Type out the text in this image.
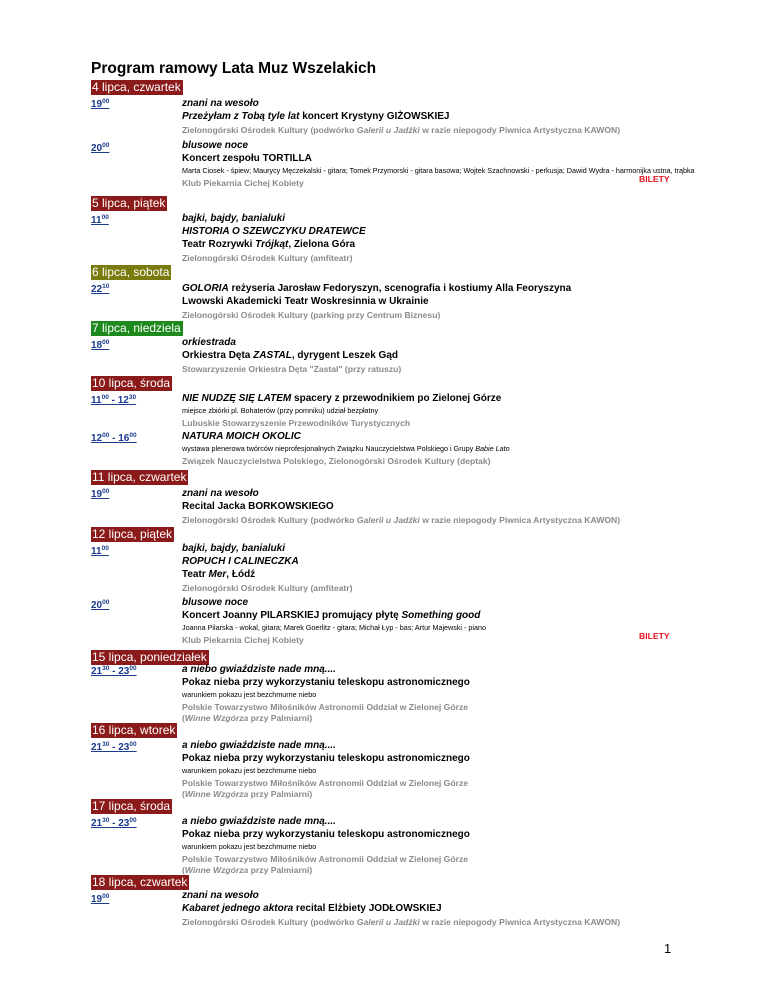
Program ramowy Lata Muz Wszelakich
4 lipca, czwartek
$19^{00}$	znani na wesoło
Przeżyłam z Tobą tyle lat koncert Krystyny GIŻOWSKIEJ
Zielonogórski Ośrodek Kultury (podwórko Galerii u Jadźki w razie niepogody Piwnica Artystyczna KAWON)
$20^{00}$	blusowe noce
Koncert zespołu TORTILLA
Marta Ciosek - śpiew; Maurycy Męczekalski - gitara; Tomek Przymorski - gitara basowa; Wojtek Szachnowski - perkusja; Dawid Wydra - harmonijka ustna, trąbka
Klub Piekarnia Cichej Kobiety	BILETY
5 lipca, piątek
$11^{00}$	bajki, bajdy, banialuki
HISTORIA O SZEWCZYKU DRATEWCE
Teatr Rozrywki Trójkąt, Zielona Góra
Zielonogórski Ośrodek Kultury (amfiteatr)
6 lipca, sobota
$22^{10}$	GOLORIA reżyseria Jarosław Fedoryszyn, scenografia i kostiumy Alla Feoryszyna
Lwowski Akademicki Teatr Woskresinnia w Ukrainie
Zielonogórski Ośrodek Kultury (parking przy Centrum Biznesu)
7 lipca, niedziela
$18^{00}$	orkiestrada
Orkiestra Dęta ZASTAL, dyrygent Leszek Gąd
Stowarzyszenie Orkiestra Dęta "Zastal" (przy ratuszu)
10 lipca, środa
$11^{00} - 12^{30}$	NIE NUDZĘ SIĘ LATEM spacery z przewodnikiem po Zielonej Górze
miejsce zbiórki pl. Bohaterów (przy pomniku) udział bezpłatny
Lubuskie Stowarzyszenie Przewodników Turystycznych
$12^{00} - 16^{00}$	NATURA MOICH OKOLIC
wystawa plenerowa twórców nieprofesjonalnych Związku Nauczycielstwa Polskiego i Grupy Babie Lato
Związek Nauczycielstwa Polskiego, Zielonogórski Ośrodek Kultury (deptak)
11 lipca, czwartek
$19^{00}$	znani na wesoło
Recital Jacka BORKOWSKIEGO
Zielonogórski Ośrodek Kultury (podwórko Galerii u Jadźki w razie niepogody Piwnica Artystyczna KAWON)
12 lipca, piątek
$11^{00}$	bajki, bajdy, banialuki
ROPUCH I CALINECZKA
Teatr Mer, Łódź
Zielonogórski Ośrodek Kultury (amfiteatr)
$20^{00}$	blusowe noce
Koncert Joanny PILARSKIEJ promujący płytę Something good
Joanna Pilarska - wokal, gitara; Marek Goerlitz - gitara; Michał Łyp - bas; Artur Majewski - piano
Klub Piekarnia Cichej Kobiety	BILETY
15 lipca, poniedziałek
$21^{30} - 23^{00}$	a niebo gwiaździste nade mną....
Pokaz nieba przy wykorzystaniu teleskopu astronomicznego
warunkiem pokazu jest bezchmurne niebo
Polskie Towarzystwo Miłośników Astronomii Oddział w Zielonej Górze
(Winne Wzgórza przy Palmiarni)
16 lipca, wtorek
$21^{30} - 23^{00}$	a niebo gwiaździste nade mną....
Pokaz nieba przy wykorzystaniu teleskopu astronomicznego
warunkiem pokazu jest bezchmurne niebo
Polskie Towarzystwo Miłośników Astronomii Oddział w Zielonej Górze
(Winne Wzgórza przy Palmiarni)
17 lipca, środa
$21^{30} - 23^{00}$	a niebo gwiaździste nade mną....
Pokaz nieba przy wykorzystaniu teleskopu astronomicznego
warunkiem pokazu jest bezchmurne niebo
Polskie Towarzystwo Miłośników Astronomii Oddział w Zielonej Górze
(Winne Wzgórza przy Palmiarni)
18 lipca, czwartek
$19^{00}$	znani na wesoło
Kabaret jednego aktora recital Elżbiety JODŁOWSKIEJ
Zielonogórski Ośrodek Kultury (podwórko Galerii u Jadźki w razie niepogody Piwnica Artystyczna KAWON)
1
